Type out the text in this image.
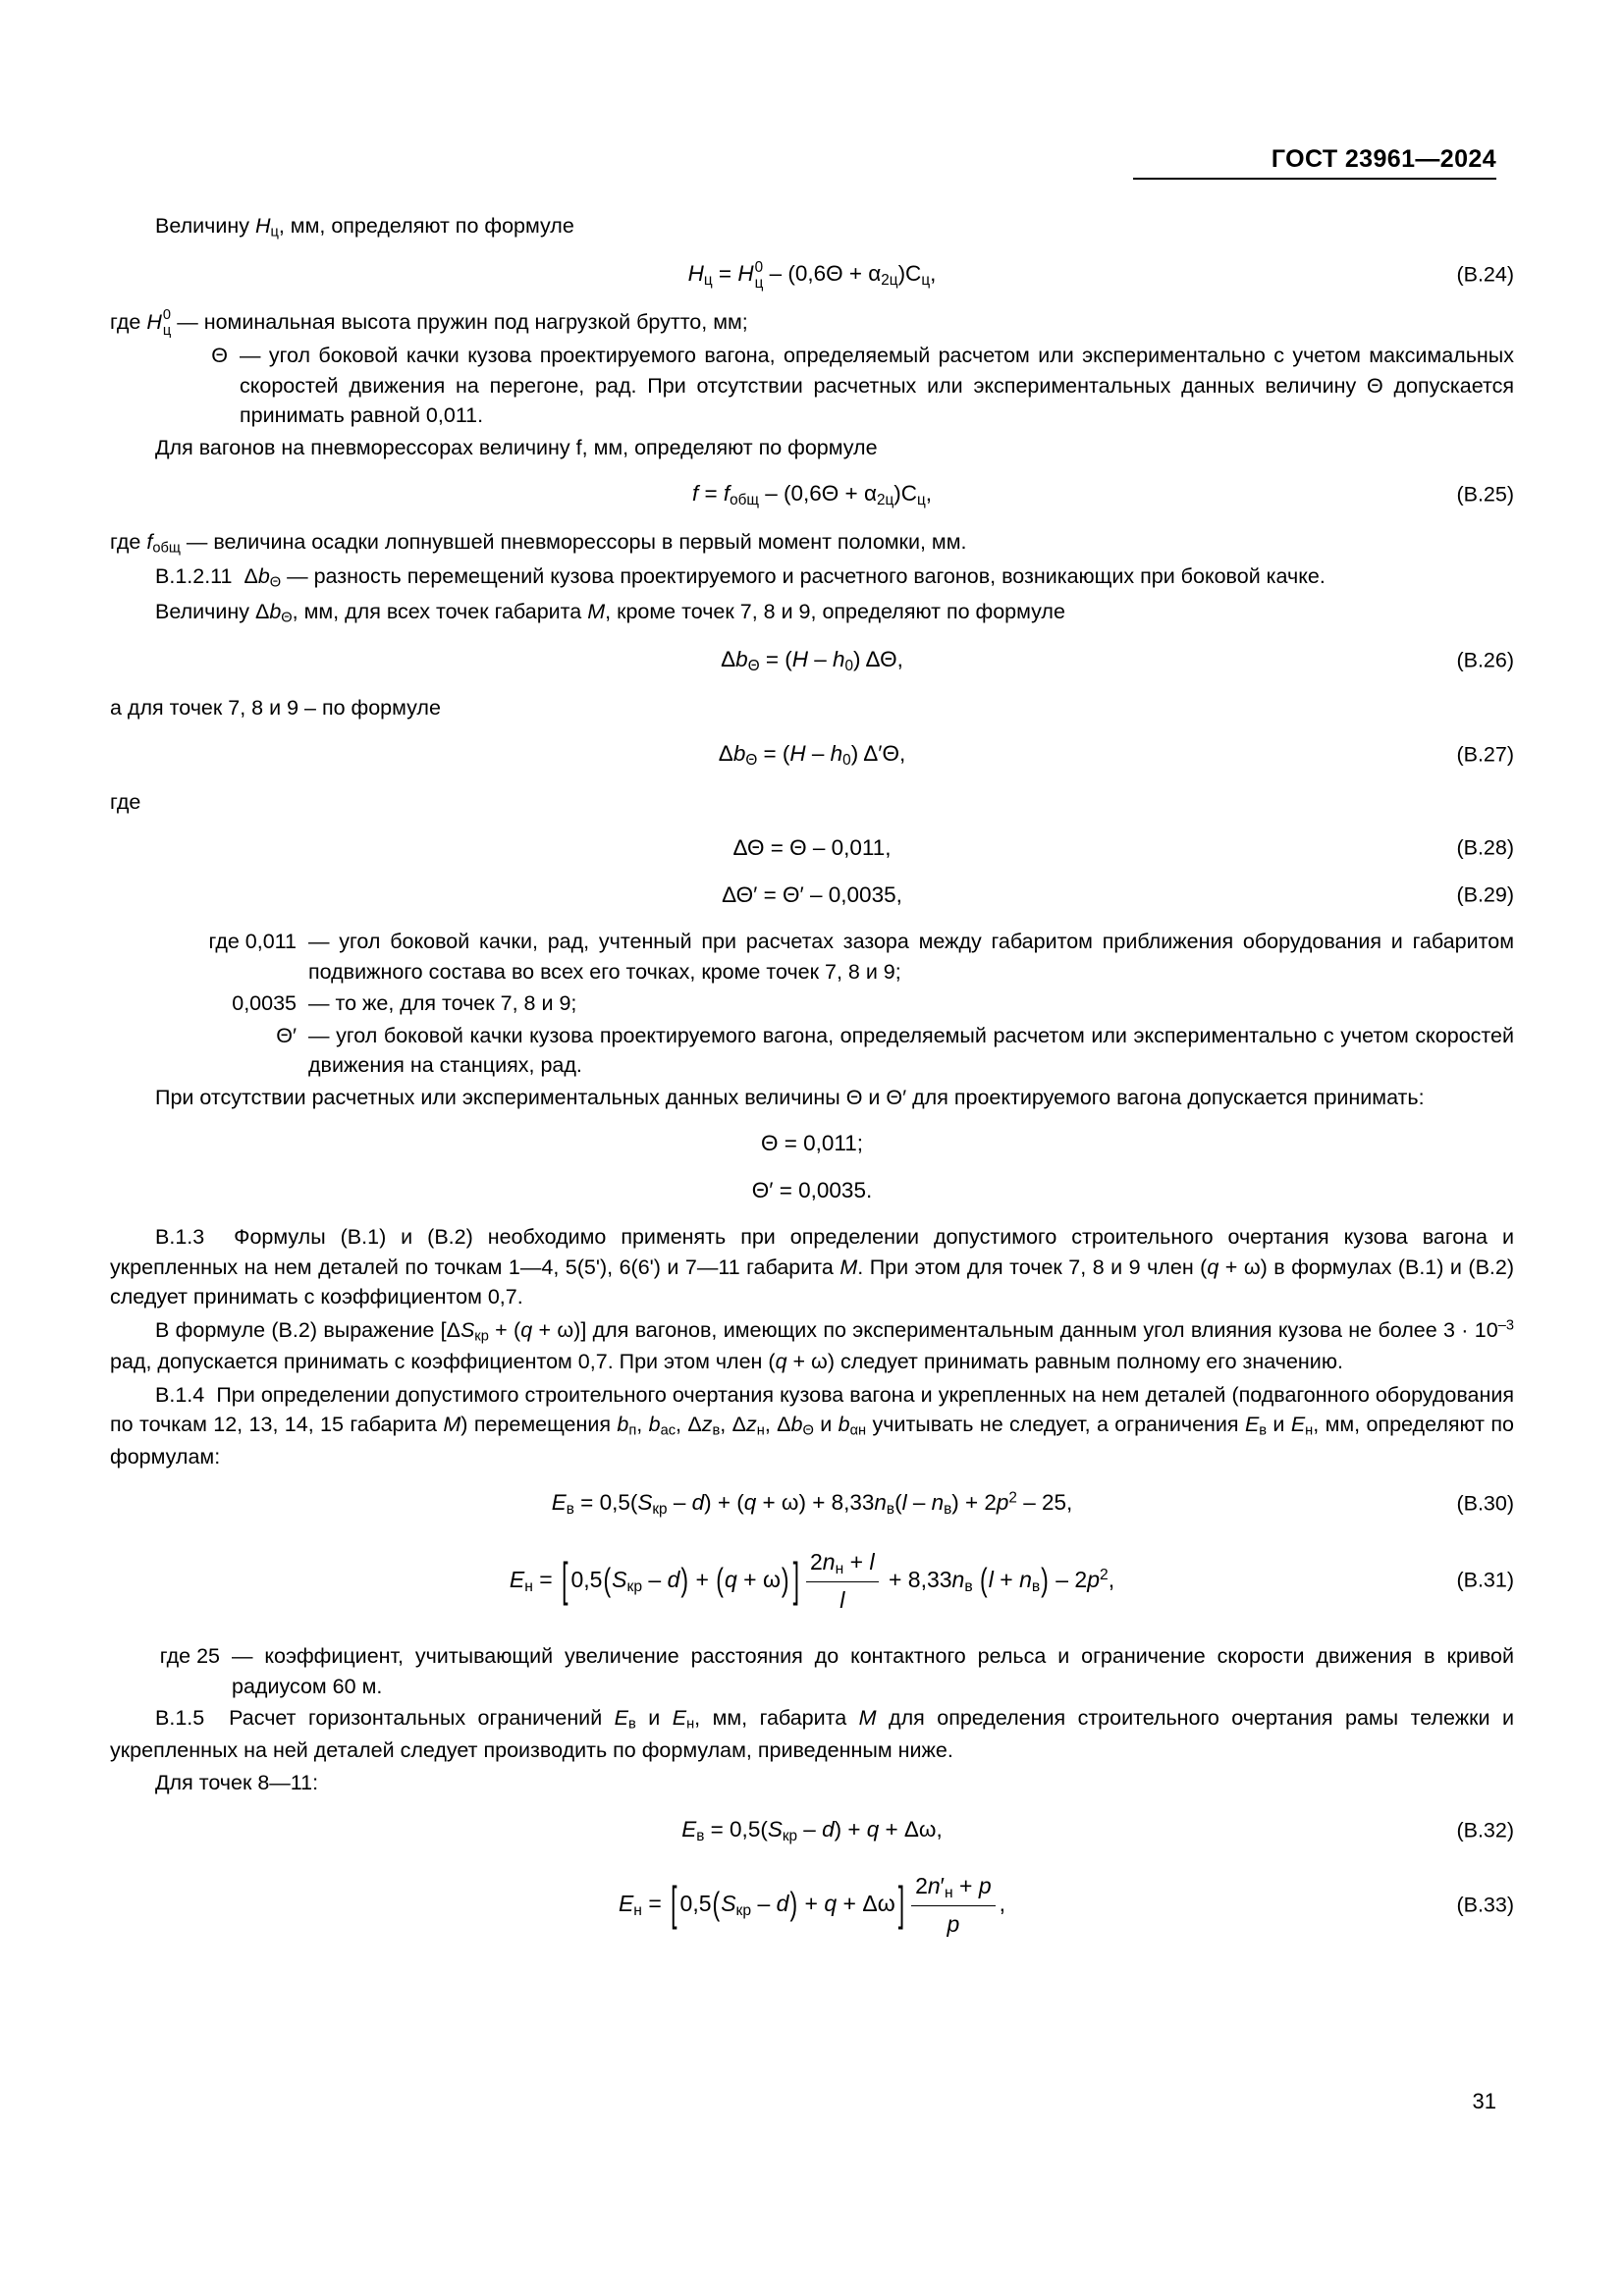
ГОСТ 23961—2024

Величину $H_ц$, мм, определяют по формуле

$H_ц = H$ 0
$ц - (0,6\Theta + \alpha_{2ц})С_ц$,	(В.24)

где H 0
ц — номинальная высота пружин под нагрузкой брутто, мм;

Θ — угол боковой качки кузова проектируемого вагона, определяемый расчетом или экспериментально с учетом максимальных скоростей движения на перегоне, рад. При отсутствии расчетных или экспериментальных данных величину Θ допускается принимать равной 0,011.

Для вагонов на пневморессорах величину f, мм, определяют по формуле

$f = f_{общ} - (0,6\Theta + \alpha_{2ц})С_ц$,	(В.25)

где $f_{общ}$ — величина осадки лопнувшей пневморессоры в первый момент поломки, мм.

В.1.2.11  $\Delta b_\Theta$ — разность перемещений кузова проектируемого и расчетного вагонов, возникающих при боковой качке.

Величину $\Delta b_\Theta$, мм, для всех точек габарита M, кроме точек 7, 8 и 9, определяют по формуле

$\Delta b_\Theta = (H - h_0)$ ΔΘ,	(В.26)

а для точек 7, 8 и 9 – по формуле

$\Delta b_\Theta = (H - h_0)$ Δ′Θ,	(В.27)

где

ΔΘ = Θ – 0,011,	(В.28)
ΔΘ′ = Θ′ – 0,0035,	(В.29)
где 0,011 — угол боковой качки, рад, учтенный при расчетах зазора между габаритом приближения оборудования и габаритом подвижного состава во всех его точках, кроме точек 7, 8 и 9;
0,0035 — то же, для точек 7, 8 и 9;
Θ′ — угол боковой качки кузова проектируемого вагона, определяемый расчетом или экспериментально с учетом скоростей движения на станциях, рад.

При отсутствии расчетных или экспериментальных данных величины Θ и Θ′ для проектируемого вагона допускается принимать:

Θ = 0,011;
Θ′ = 0,0035.

В.1.3  Формулы (В.1) и (В.2) необходимо применять при определении допустимого строительного очертания кузова вагона и укрепленных на нем деталей по точкам 1—4, 5(5'), 6(6') и 7—11 габарита M. При этом для точек 7, 8 и 9 член (q + ω) в формулах (В.1) и (В.2) следует принимать с коэффициентом 0,7.

В формуле (В.2) выражение $[\Delta S_{кр} + (q + \omega)]$ для вагонов, имеющих по экспериментальным данным угол влияния кузова не более $3 \cdot 10^{-3}$ рад, допускается принимать с коэффициентом 0,7. При этом член (q + ω) следует принимать равным полному его значению.

В.1.4  При определении допустимого строительного очертания кузова вагона и укрепленных на нем деталей (подвагонного оборудования по точкам 12, 13, 14, 15 габарита M) перемещения $b_п$, $b_{ас}$, $\Delta z_в$, $\Delta z_н$, $\Delta b_\Theta$ и $b_{\alpha н}$ учитывать не следует, а ограничения $E_в$ и $E_н$, мм, определяют по формулам:

$E_в = 0,5(S_{кр} - d) + (q + \omega) + 8,33n_в(l - n_в) + 2p^2 - 25$,	(В.30)
$E_н$ = [ $0,5(S_{кр} - d) + (q + \omega)$ ] $\frac{2n_н + l}{l} + 8,33n_в$ $(l + n_в) - 2p^2$,	(В.31)
где 25 — коэффициент, учитывающий увеличение расстояния до контактного рельса и ограничение скорости движения в кривой радиусом 60 м.

В.1.5  Расчет горизонтальных ограничений $E_в$ и $E_н$, мм, габарита M для определения строительного очертания рамы тележки и укрепленных на ней деталей следует производить по формулам, приведенным ниже.

Для точек 8—11:

$E_в = 0,5(S_{кр} - d) + q + \Delta\omega$,	(В.32)
$E_н$ = [ $0,5(S_{кр} - d) + q + \Delta\omega$ ] $\frac{2n'_н + p}{p}$ ,	(В.33)
31
